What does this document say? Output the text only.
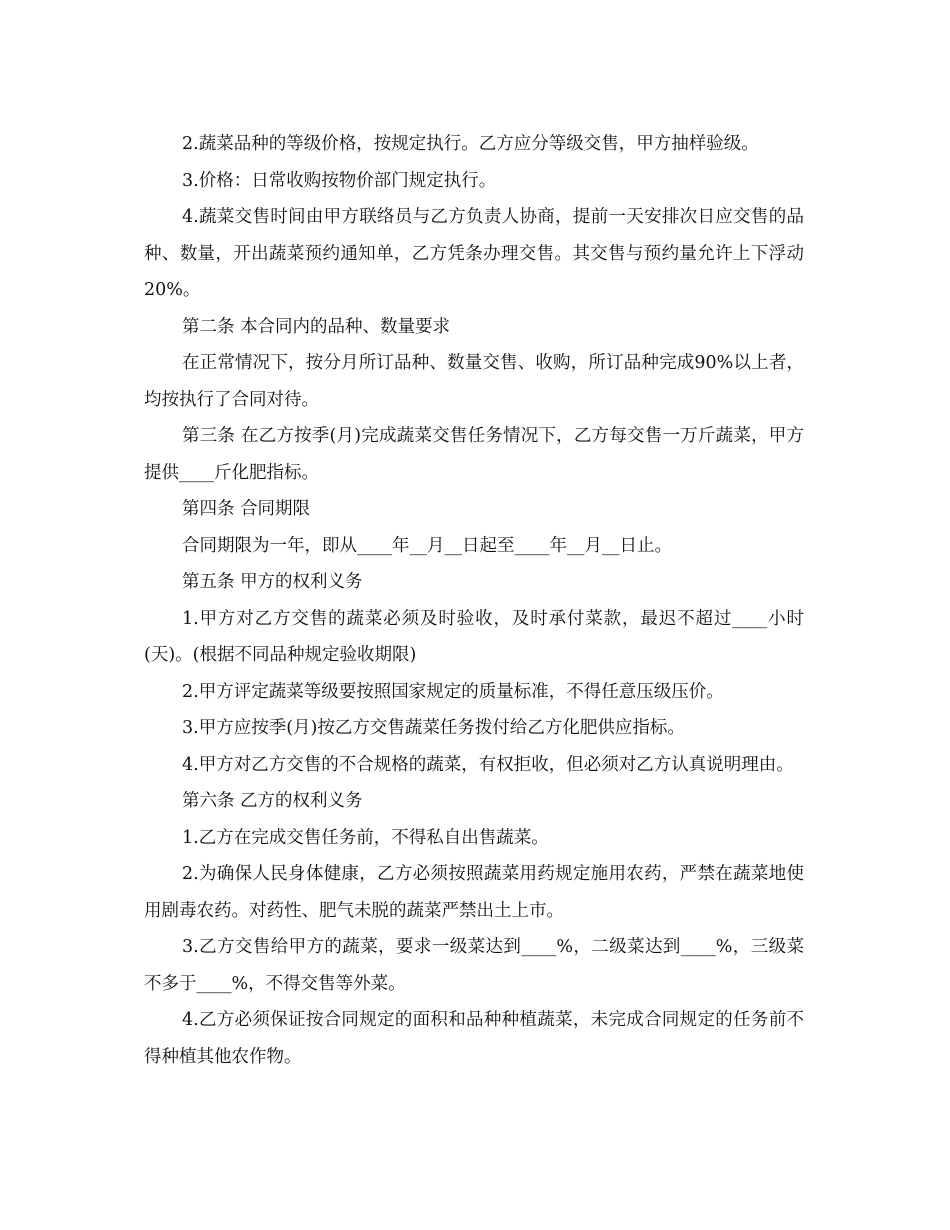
2.蔬菜品种的等级价格，按规定执行。乙方应分等级交售，甲方抽样验级。

3.价格：日常收购按物价部门规定执行。

4.蔬菜交售时间由甲方联络员与乙方负责人协商，提前一天安排次日应交售的品种、数量，开出蔬菜预约通知单，乙方凭条办理交售。其交售与预约量允许上下浮动20%。

第二条 本合同内的品种、数量要求

在正常情况下，按分月所订品种、数量交售、收购，所订品种完成90%以上者，均按执行了合同对待。

第三条 在乙方按季(月)完成蔬菜交售任务情况下，乙方每交售一万斤蔬菜，甲方提供____斤化肥指标。

第四条 合同期限

合同期限为一年，即从____年__月__日起至____年__月__日止。

第五条 甲方的权利义务

1.甲方对乙方交售的蔬菜必须及时验收，及时承付菜款，最迟不超过____小时(天)。(根据不同品种规定验收期限)

2.甲方评定蔬菜等级要按照国家规定的质量标准，不得任意压级压价。

3.甲方应按季(月)按乙方交售蔬菜任务拨付给乙方化肥供应指标。

4.甲方对乙方交售的不合规格的蔬菜，有权拒收，但必须对乙方认真说明理由。

第六条 乙方的权利义务

1.乙方在完成交售任务前，不得私自出售蔬菜。

2.为确保人民身体健康，乙方必须按照蔬菜用药规定施用农药，严禁在蔬菜地使用剧毒农药。对药性、肥气未脱的蔬菜严禁出土上市。

3.乙方交售给甲方的蔬菜，要求一级菜达到____%，二级菜达到____%，三级菜不多于____%，不得交售等外菜。

4.乙方必须保证按合同规定的面积和品种种植蔬菜，未完成合同规定的任务前不得种植其他农作物。
